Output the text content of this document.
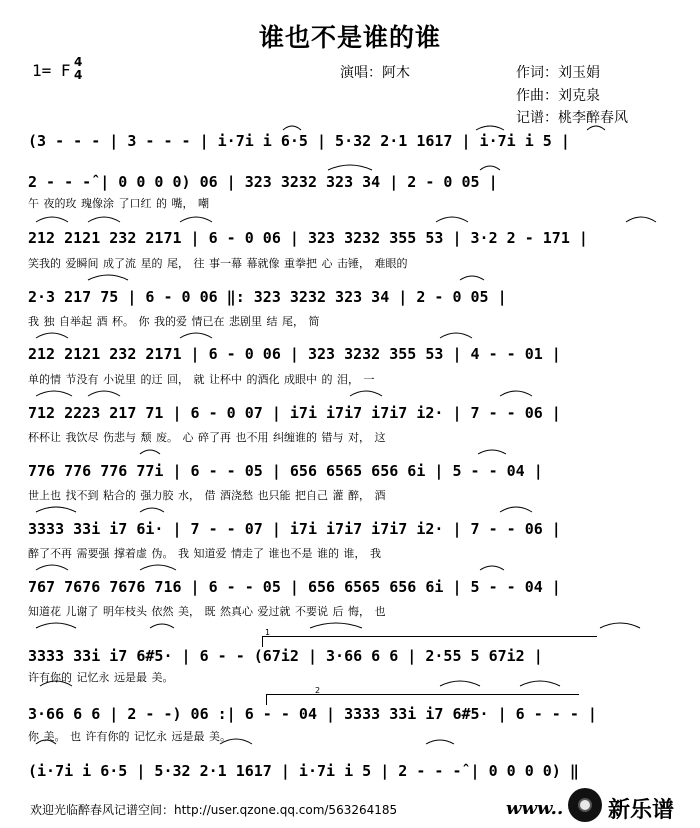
谁也不是谁的谁
1= F 4
4	演唱：阿木	作词：刘玉娟
作曲：刘克泉
记谱：桃李醉春风
1
2
(3 - - - | 3 - - - | i·7i i 6·5 | 5·32 2·1 1617 | i·7i i 5 |
2 - - -̂ | 0 0 0 0) 06 | 323 3232 323 34 | 2 - 0 05 |
午 夜的玫 瑰像涂 了口红 的 嘴， 嘲
212 2121 232 2171 | 6 - 0 06 | 323 3232 355 53 | 3·2 2 - 171 |
笑我的 爱瞬间 成了流 星的 尾， 往 事一幕 幕就像 重拳把 心 击锤， 难眼的
2·3 217 75 | 6 - 0 06 ‖: 323 3232 323 34 | 2 - 0 05 |
我 独 自举起 酒 杯。 你 我的爱 情已在 悲剧里 结 尾， 简
212 2121 232 2171 | 6 - 0 06 | 323 3232 355 53 | 4 - - 01 |
单的情 节没有 小说里 的迂 回， 就 让杯中 的酒化 成眼中 的 泪， 一
712 2223 217 71 | 6 - 0 07 | i7i i7i7 i7i7 i2· | 7 - - 06 |
杯杯让 我饮尽 伤悲与 颓 废。 心 碎了再 也不用 纠缠谁的 错与 对， 这
776 776 776 77i | 6 - - 05 | 656 6565 656 6i | 5 - - 04 |
世上也 找不到 粘合的 强力胶 水， 借 酒浇愁 也只能 把自己 灌 醉， 酒
3333 33i i7 6i· | 7 - - 07 | i7i i7i7 i7i7 i2· | 7 - - 06 |
醉了不再 需要强 撑着虚 伪。 我 知道爱 情走了 谁也不是 谁的 谁， 我
767 7676 7676 716 | 6 - - 05 | 656 6565 656 6i | 5 - - 04 |
知道花 儿谢了 明年枝头 依然 美， 既 然真心 爱过就 不要说 后 悔， 也
3333 33i i7 6#5· | 6 - - (67i2 | 3·66 6 6 | 2·55 5 67i2 |
许有你的 记忆永 远是最 美。
3·66 6 6 | 2 - -) 06 :| 6 - - 04 | 3333 33i i7 6#5· | 6 - - - |
你 美。 也 许有你的 记忆永 远是最 美。
(i·7i i 6·5 | 5·32 2·1 1617 | i·7i i 5 | 2 - - -̂ | 0 0 0 0) ‖
欢迎光临醉春风记谱空间：http://user.qzone.qq.com/563264185	www.. 新乐谱
